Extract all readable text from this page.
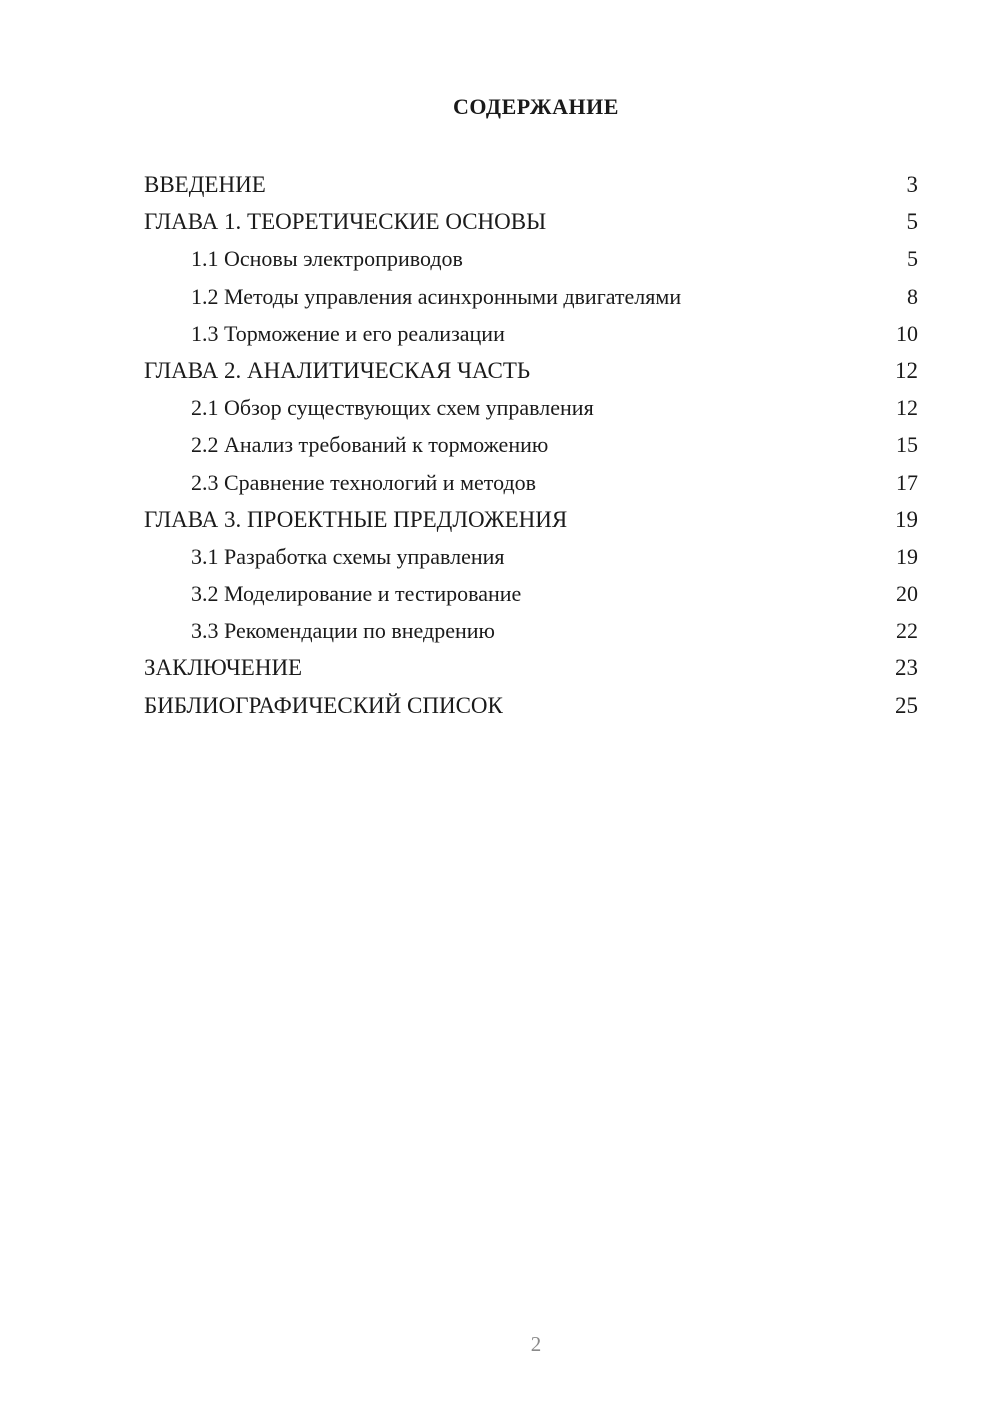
СОДЕРЖАНИЕ
ВВЕДЕНИЕ	3
ГЛАВА 1. ТЕОРЕТИЧЕСКИЕ ОСНОВЫ	5
1.1 Основы электроприводов	5
1.2 Методы управления асинхронными двигателями	8
1.3 Торможение и его реализации	10
ГЛАВА 2. АНАЛИТИЧЕСКАЯ ЧАСТЬ	12
2.1 Обзор существующих схем управления	12
2.2 Анализ требований к торможению	15
2.3 Сравнение технологий и методов	17
ГЛАВА 3. ПРОЕКТНЫЕ ПРЕДЛОЖЕНИЯ	19
3.1 Разработка схемы управления	19
3.2 Моделирование и тестирование	20
3.3 Рекомендации по внедрению	22
ЗАКЛЮЧЕНИЕ	23
БИБЛИОГРАФИЧЕСКИЙ СПИСОК	25
2
